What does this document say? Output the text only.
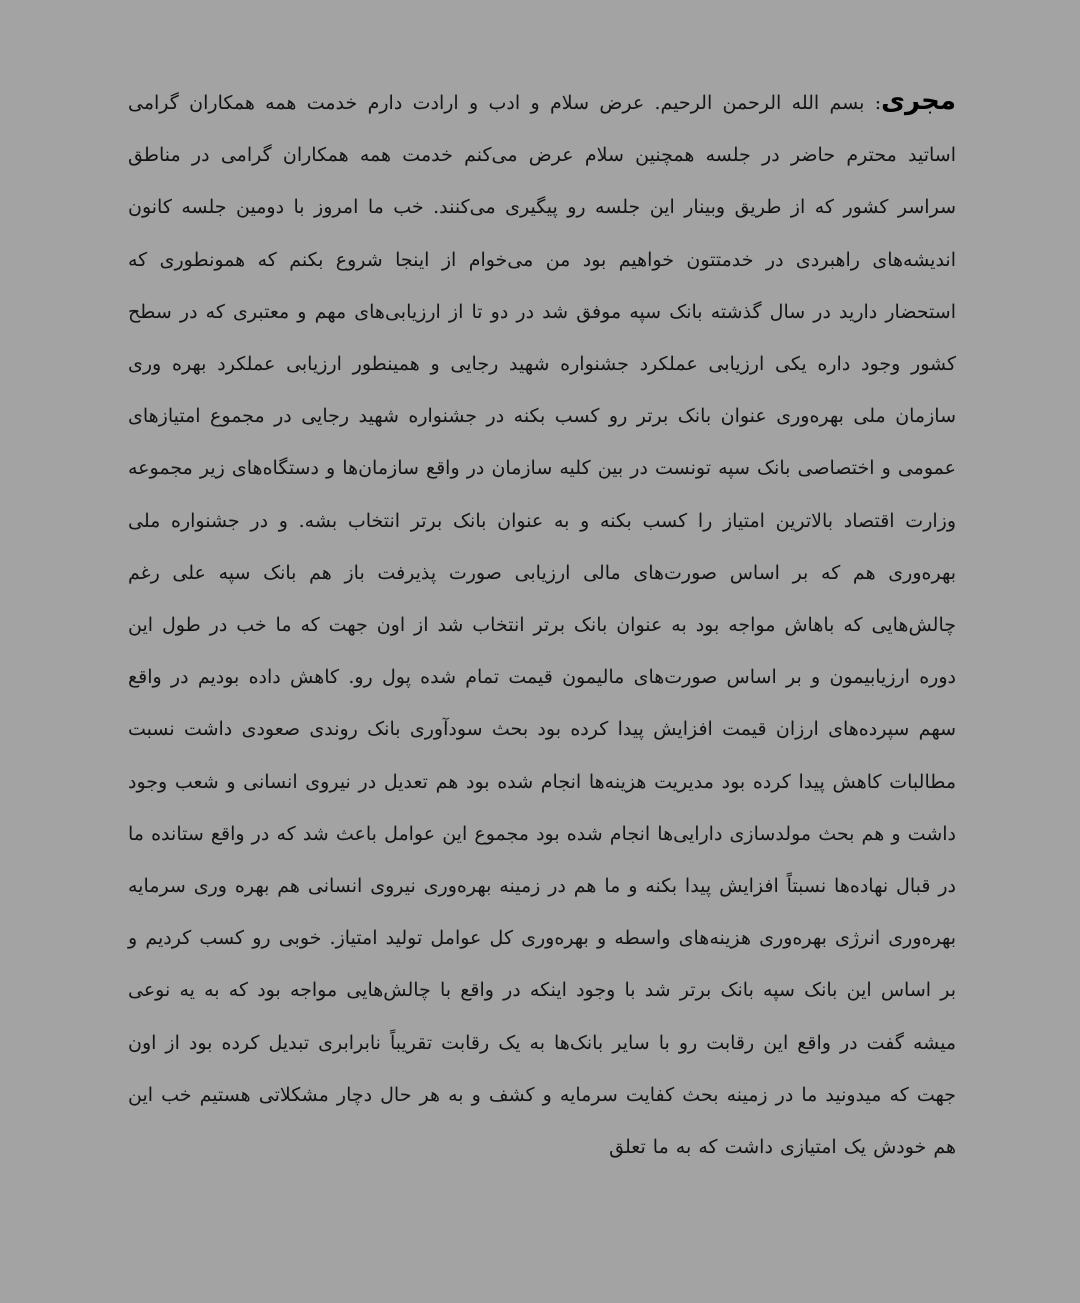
مجری: بسم الله الرحمن الرحیم. عرض سلام و ادب و ارادت دارم خدمت همه همکاران گرامی اساتید محترم حاضر در جلسه همچنین سلام عرض می‌کنم خدمت همه همکاران گرامی در مناطق سراسر کشور که از طریق وبینار این جلسه رو پیگیری می‌کنند. خب ما امروز با دومین جلسه کانون اندیشه‌های راهبردی در خدمتتون خواهیم بود من می‌خوام از اینجا شروع بکنم که همونطوری که استحضار دارید در سال گذشته بانک سپه موفق شد در دو تا از ارزیابی‌های مهم و معتبری که در سطح کشور وجود داره یکی ارزیابی عملکرد جشنواره شهید رجایی و همینطور ارزیابی عملکرد بهره وری سازمان ملی بهره‌وری عنوان بانک برتر رو کسب بکنه در جشنواره شهید رجایی در مجموع امتیازهای عمومی و اختصاصی بانک سپه تونست در بین کلیه سازمان در واقع سازمان‌ها و دستگاه‌های زیر مجموعه وزارت اقتصاد بالاترین امتیاز را کسب بکنه و به عنوان بانک برتر انتخاب بشه. و در جشنواره ملی بهره‌وری هم که بر اساس صورت‌های مالی ارزیابی صورت پذیرفت باز هم بانک سپه علی رغم چالش‌هایی که باهاش مواجه بود به عنوان بانک برتر انتخاب شد از اون جهت که ما خب در طول این دوره ارزیابیمون و بر اساس صورت‌های مالیمون قیمت تمام شده پول رو. کاهش داده بودیم در واقع سهم سپرده‌های ارزان قیمت افزایش پیدا کرده بود بحث سودآوری بانک روندی صعودی داشت نسبت مطالبات کاهش پیدا کرده بود مدیریت هزینه‌ها انجام شده بود هم تعدیل در نیروی انسانی و شعب وجود داشت و هم بحث مولدسازی دارایی‌ها انجام شده بود مجموع این عوامل باعث شد که در واقع ستانده ما در قبال نهاده‌ها نسبتاً افزایش پیدا بکنه و ما هم در زمینه بهره‌وری نیروی انسانی هم بهره وری سرمایه بهره‌وری انرژی بهره‌وری هزینه‌های واسطه و بهره‌وری کل عوامل تولید امتیاز. خوبی رو کسب کردیم و بر اساس این بانک سپه بانک برتر شد با وجود اینکه در واقع با چالش‌هایی مواجه بود که به یه نوعی میشه گفت در واقع این رقابت رو با سایر بانک‌ها به یک رقابت تقریباً نابرابری تبدیل کرده بود از اون جهت که میدونید ما در زمینه بحث کفایت سرمایه و کشف و به هر حال دچار مشکلاتی هستیم خب این هم خودش یک امتیازی داشت که به ما تعلق
